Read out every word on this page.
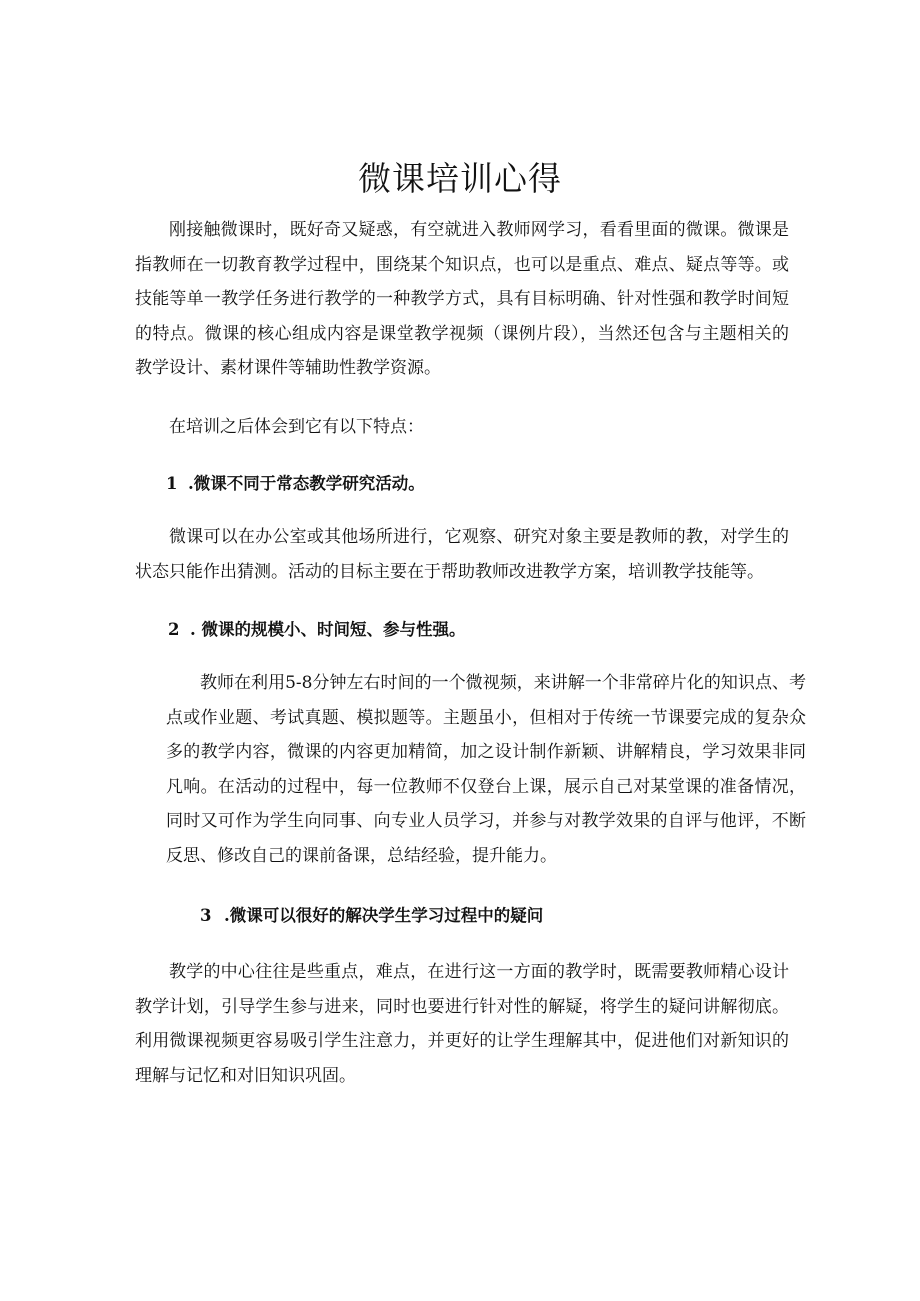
微课培训心得

刚接触微课时，既好奇又疑惑，有空就进入教师网学习，看看里面的微课。微课是指教师在一切教育教学过程中，围绕某个知识点，也可以是重点、难点、疑点等等。或技能等单一教学任务进行教学的一种教学方式，具有目标明确、针对性强和教学时间短的特点。微课的核心组成内容是课堂教学视频（课例片段），当然还包含与主题相关的教学设计、素材课件等辅助性教学资源。

在培训之后体会到它有以下特点：

1 .微课不同于常态教学研究活动。

微课可以在办公室或其他场所进行，它观察、研究对象主要是教师的教，对学生的状态只能作出猜测。活动的目标主要在于帮助教师改进教学方案，培训教学技能等。

2 . 微课的规模小、时间短、参与性强。

教师在利用5-8分钟左右时间的一个微视频，来讲解一个非常碎片化的知识点、考点或作业题、考试真题、模拟题等。主题虽小，但相对于传统一节课要完成的复杂众多的教学内容，微课的内容更加精简，加之设计制作新颖、讲解精良，学习效果非同凡响。在活动的过程中，每一位教师不仅登台上课，展示自己对某堂课的准备情况，同时又可作为学生向同事、向专业人员学习，并参与对教学效果的自评与他评，不断反思、修改自己的课前备课，总结经验，提升能力。

3 .微课可以很好的解决学生学习过程中的疑问

教学的中心往往是些重点，难点，在进行这一方面的教学时，既需要教师精心设计教学计划，引导学生参与进来，同时也要进行针对性的解疑，将学生的疑问讲解彻底。利用微课视频更容易吸引学生注意力，并更好的让学生理解其中，促进他们对新知识的理解与记忆和对旧知识巩固。
